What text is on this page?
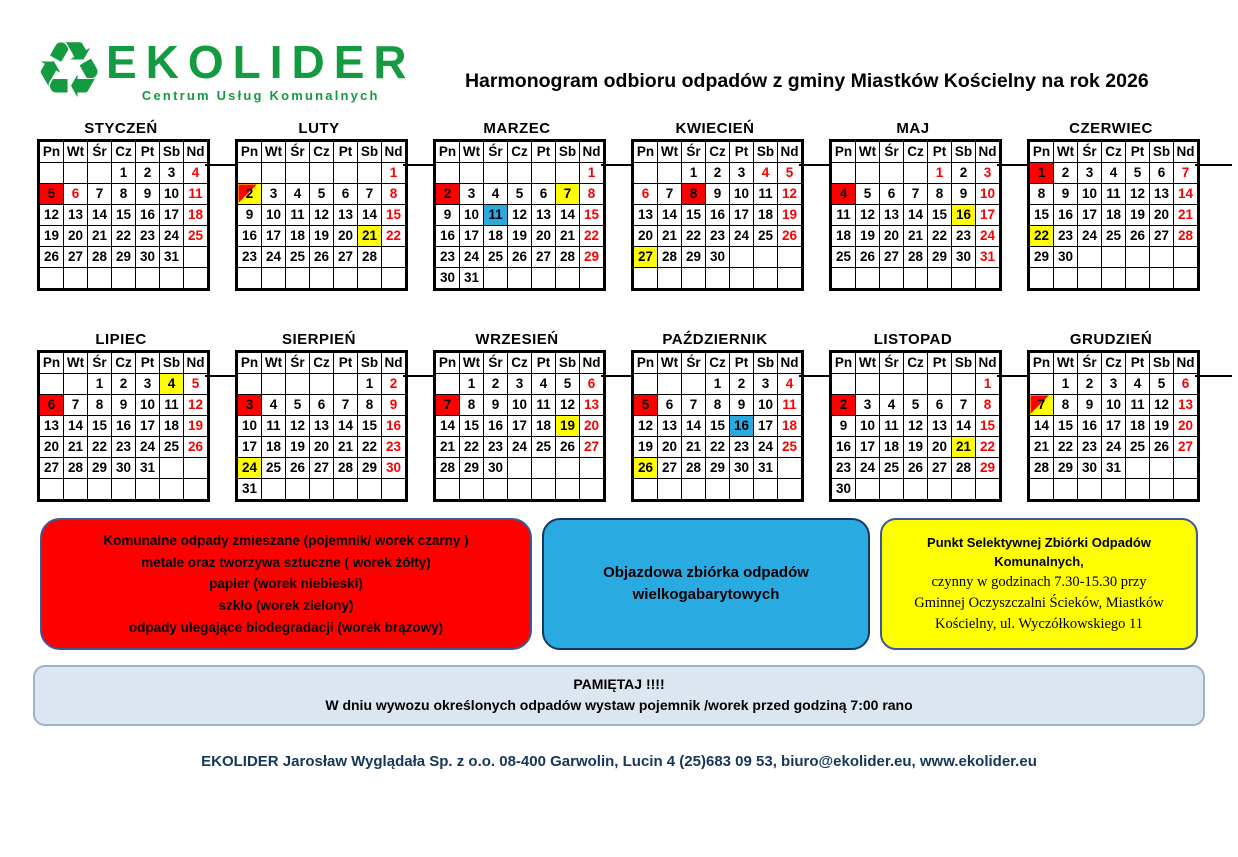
♻ EKOLIDER
Centrum Usług Komunalnych
Harmonogram odbioru odpadów z gminy Miastków Kościelny na rok 2026
STYCZEŃ
Pn	Wt	Śr	Cz	Pt	Sb	Nd
			1	2	3	4
5	6	7	8	9	10	11
12	13	14	15	16	17	18
19	20	21	22	23	24	25
26	27	28	29	30	31	

LUTY
Pn	Wt	Śr	Cz	Pt	Sb	Nd
						1
2	3	4	5	6	7	8
9	10	11	12	13	14	15
16	17	18	19	20	21	22
23	24	25	26	27	28	

MARZEC
Pn	Wt	Śr	Cz	Pt	Sb	Nd
						1
2	3	4	5	6	7	8
9	10	11	12	13	14	15
16	17	18	19	20	21	22
23	24	25	26	27	28	29
30	31					
KWIECIEŃ
Pn	Wt	Śr	Cz	Pt	Sb	Nd
		1	2	3	4	5
6	7	8	9	10	11	12
13	14	15	16	17	18	19
20	21	22	23	24	25	26
27	28	29	30			

MAJ
Pn	Wt	Śr	Cz	Pt	Sb	Nd
				1	2	3
4	5	6	7	8	9	10
11	12	13	14	15	16	17
18	19	20	21	22	23	24
25	26	27	28	29	30	31

CZERWIEC
Pn	Wt	Śr	Cz	Pt	Sb	Nd
1	2	3	4	5	6	7
8	9	10	11	12	13	14
15	16	17	18	19	20	21
22	23	24	25	26	27	28
29	30					

LIPIEC
Pn	Wt	Śr	Cz	Pt	Sb	Nd
		1	2	3	4	5
6	7	8	9	10	11	12
13	14	15	16	17	18	19
20	21	22	23	24	25	26
27	28	29	30	31		

SIERPIEŃ
Pn	Wt	Śr	Cz	Pt	Sb	Nd
					1	2
3	4	5	6	7	8	9
10	11	12	13	14	15	16
17	18	19	20	21	22	23
24	25	26	27	28	29	30
31						
WRZESIEŃ
Pn	Wt	Śr	Cz	Pt	Sb	Nd
	1	2	3	4	5	6
7	8	9	10	11	12	13
14	15	16	17	18	19	20
21	22	23	24	25	26	27
28	29	30				

PAŹDZIERNIK
Pn	Wt	Śr	Cz	Pt	Sb	Nd
			1	2	3	4
5	6	7	8	9	10	11
12	13	14	15	16	17	18
19	20	21	22	23	24	25
26	27	28	29	30	31	

LISTOPAD
Pn	Wt	Śr	Cz	Pt	Sb	Nd
						1
2	3	4	5	6	7	8
9	10	11	12	13	14	15
16	17	18	19	20	21	22
23	24	25	26	27	28	29
30						
GRUDZIEŃ
Pn	Wt	Śr	Cz	Pt	Sb	Nd
	1	2	3	4	5	6
7	8	9	10	11	12	13
14	15	16	17	18	19	20
21	22	23	24	25	26	27
28	29	30	31			

Komunalne odpady zmieszane (pojemnik/ worek czarny )
metale oraz tworzywa sztuczne ( worek żółty)
papier (worek niebieski)
szkło (worek zielony)
odpady ulegające biodegradacji (worek brązowy)
Objazdowa zbiórka odpadów
wielkogabarytowych
Punkt Selektywnej Zbiórki Odpadów
Komunalnych,
czynny w godzinach 7.30-15.30 przy
Gminnej Oczyszczalni Ścieków, Miastków
Kościelny, ul. Wyczółkowskiego 11
PAMIĘTAJ !!!!
W dniu wywozu określonych odpadów wystaw pojemnik /worek przed godziną 7:00 rano
EKOLIDER Jarosław Wyglądała Sp. z o.o. 08-400 Garwolin, Lucin 4 (25)683 09 53, biuro@ekolider.eu, www.ekolider.eu
